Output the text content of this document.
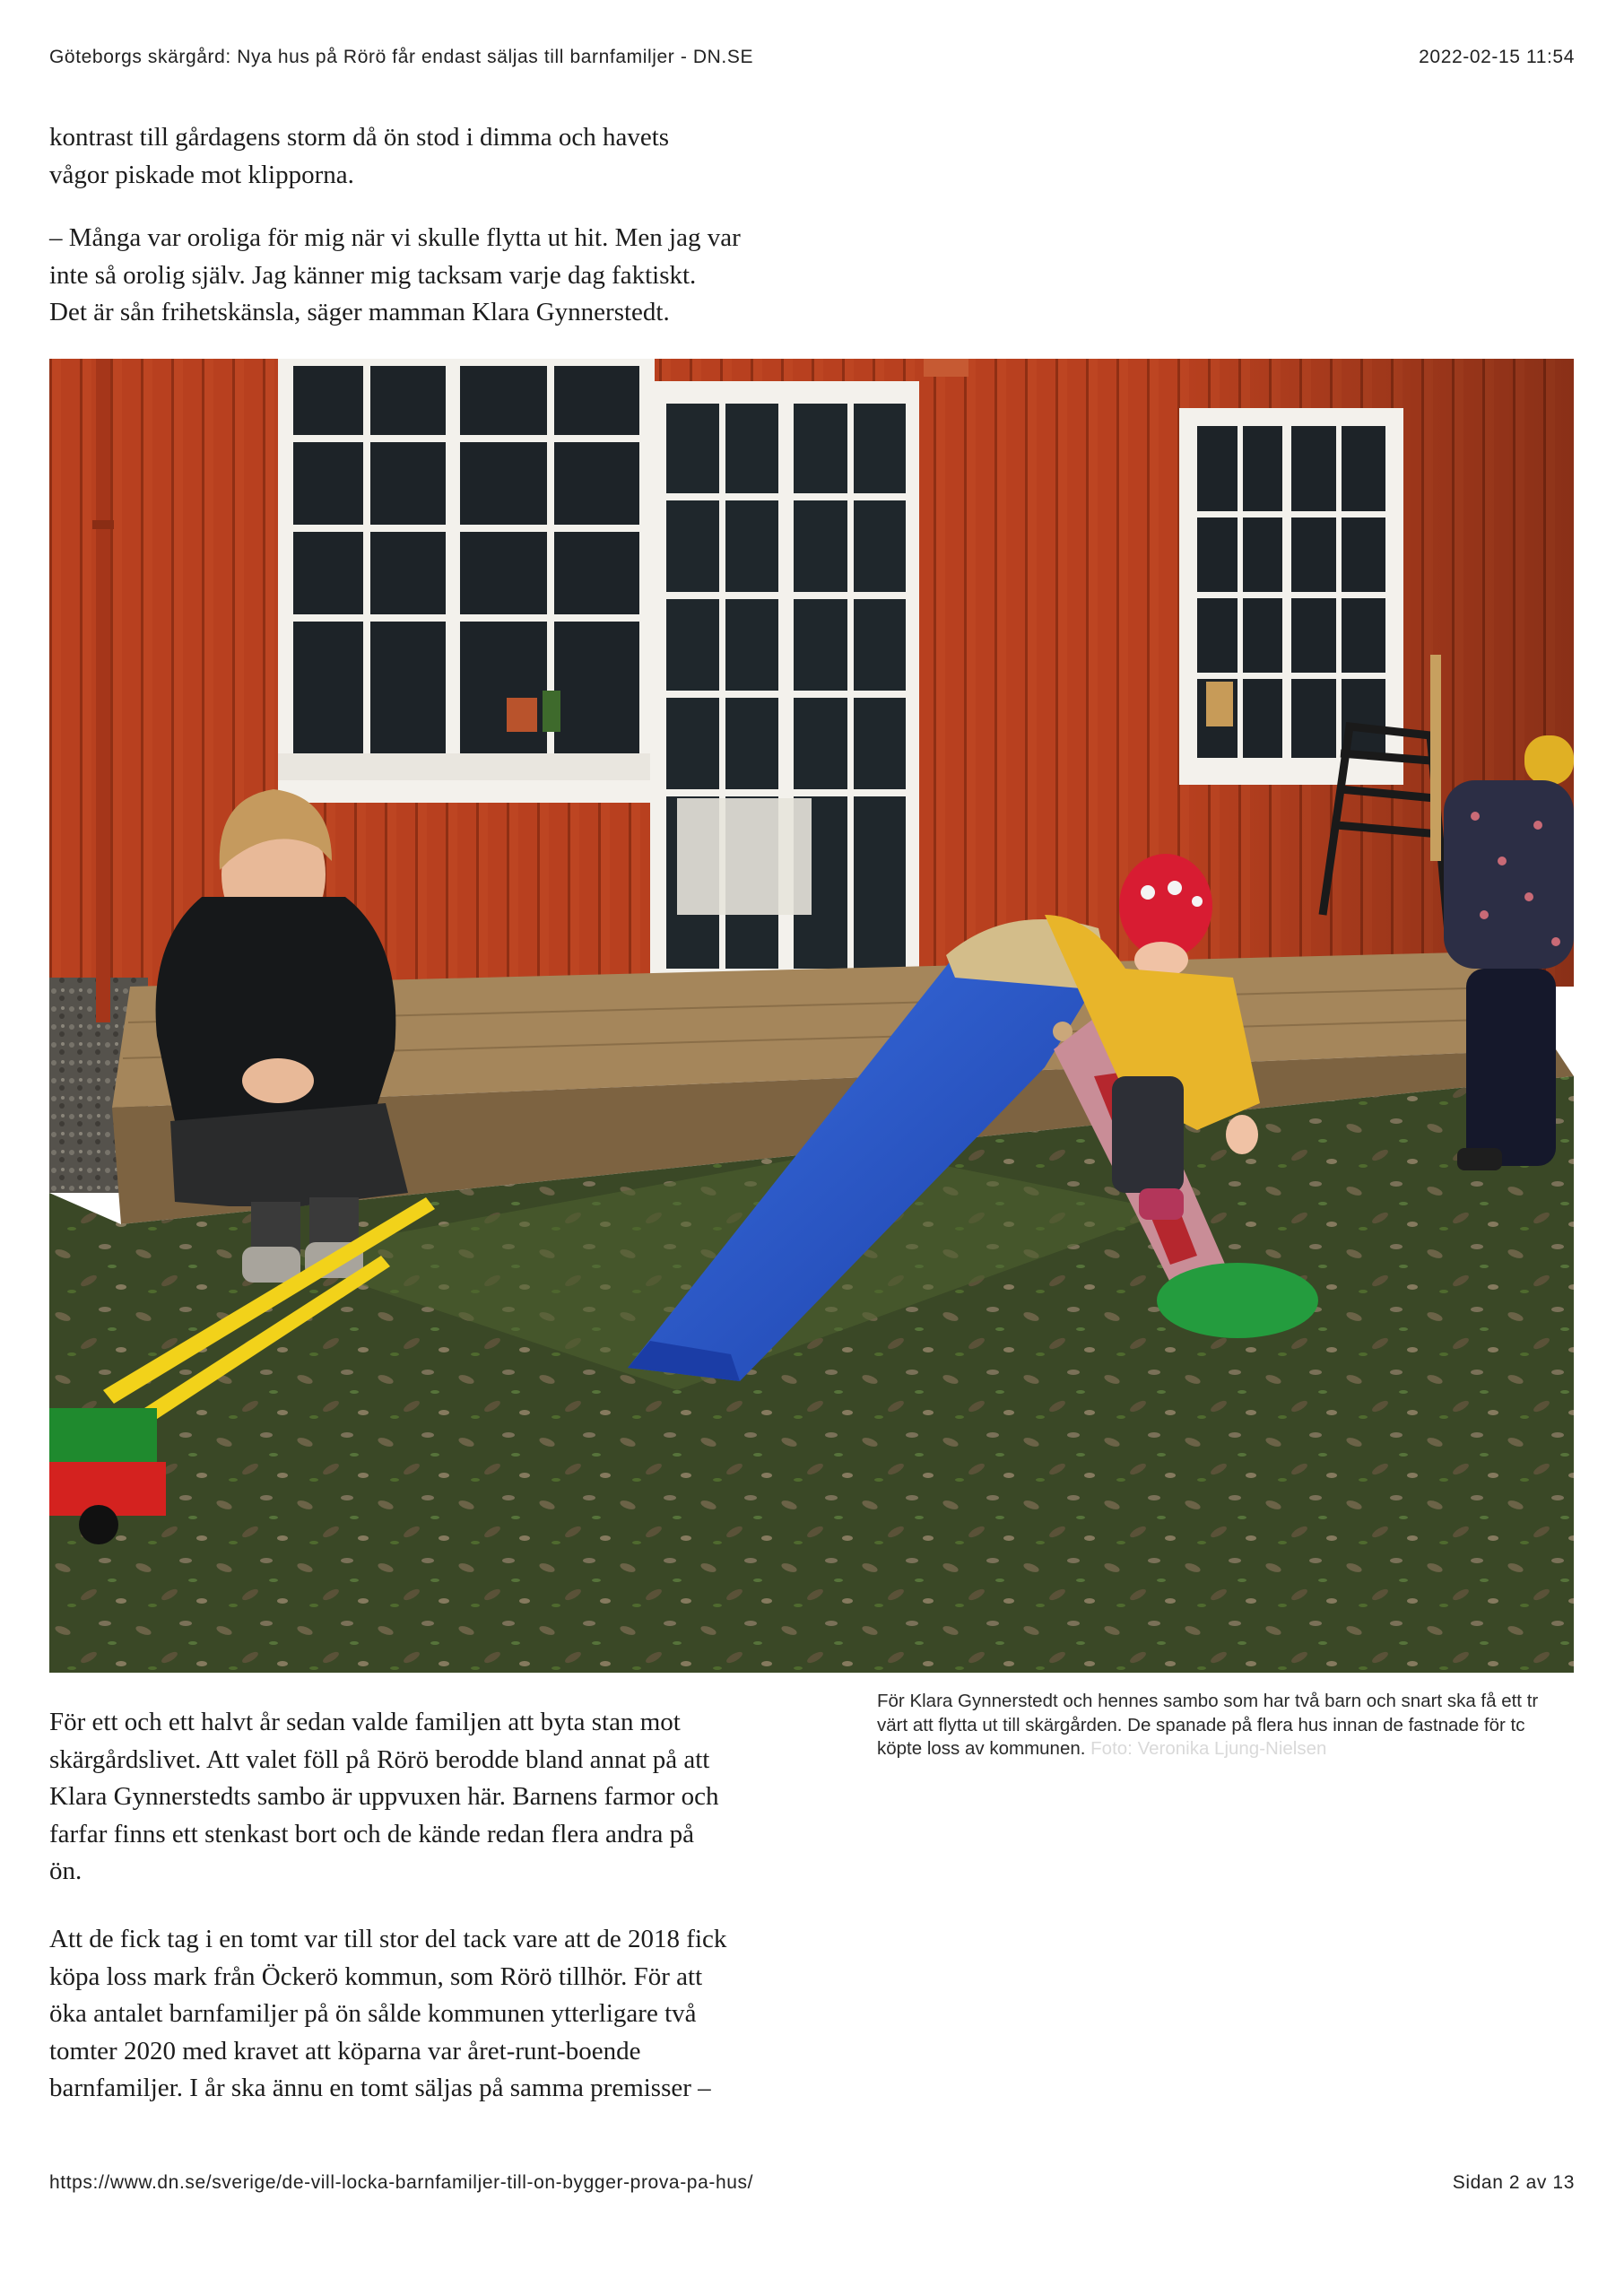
Göteborgs skärgård: Nya hus på Rörö får endast säljas till barnfamiljer - DN.SE	2022-02-15 11:54

kontrast till gårdagens storm då ön stod i dimma och havets
vågor piskade mot klipporna.

– Många var oroliga för mig när vi skulle flytta ut hit. Men jag var
inte så orolig själv. Jag känner mig tacksam varje dag faktiskt.
Det är sån frihetskänsla, säger mamman Klara Gynnerstedt.

För ett och ett halvt år sedan valde familjen att byta stan mot
skärgårdslivet. Att valet föll på Rörö berodde bland annat på att
Klara Gynnerstedts sambo är uppvuxen här. Barnens farmor och
farfar finns ett stenkast bort och de kände redan flera andra på
ön.

För Klara Gynnerstedt och hennes sambo som har två barn och snart ska få ett tr
värt att flytta ut till skärgården. De spanade på flera hus innan de fastnade för tc
köpte loss av kommunen. Foto: Veronika Ljung-Nielsen

Att de fick tag i en tomt var till stor del tack vare att de 2018 fick
köpa loss mark från Öckerö kommun, som Rörö tillhör. För att
öka antalet barnfamiljer på ön sålde kommunen ytterligare två
tomter 2020 med kravet att köparna var året-runt-boende
barnfamiljer. I år ska ännu en tomt säljas på samma premisser –

https://www.dn.se/sverige/de-vill-locka-barnfamiljer-till-on-bygger-prova-pa-hus/	Sidan 2 av 13
